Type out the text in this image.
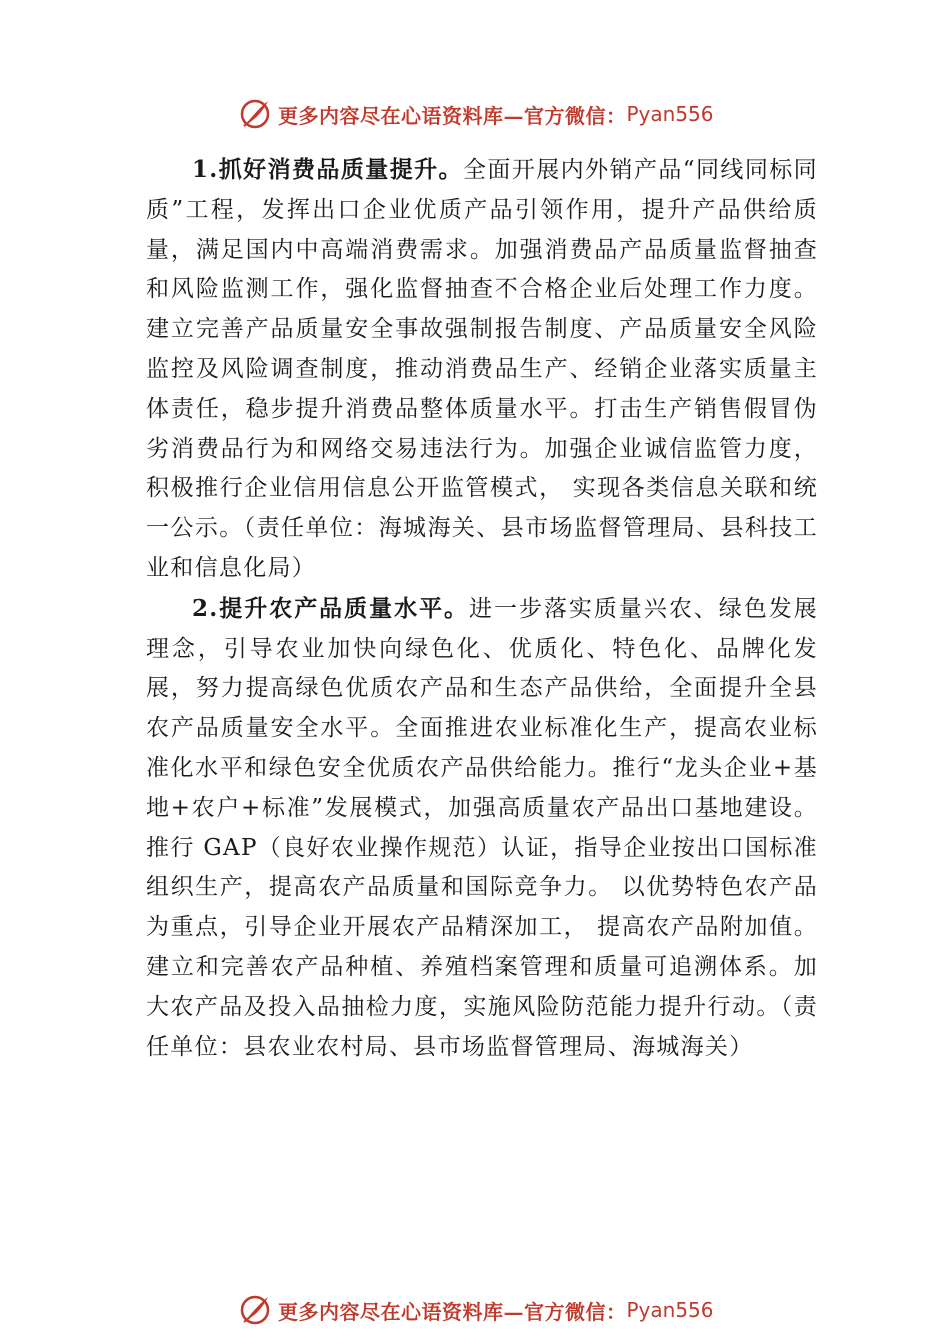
更多内容尽在心语资料库—官方微信： Pyan556

1.抓好消费品质量提升。全面开展内外销产品“同线同标同质”工程，发挥出口企业优质产品引领作用，提升产品供给质量，满足国内中高端消费需求。加强消费品产品质量监督抽查和风险监测工作，强化监督抽查不合格企业后处理工作力度。建立完善产品质量安全事故强制报告制度、产品质量安全风险监控及风险调查制度，推动消费品生产、经销企业落实质量主体责任，稳步提升消费品整体质量水平。打击生产销售假冒伪劣消费品行为和网络交易违法行为。加强企业诚信监管力度，积极推行企业信用信息公开监管模式， 实现各类信息关联和统一公示。（责任单位：海城海关、县市场监督管理局、县科技工业和信息化局）

2.提升农产品质量水平。进一步落实质量兴农、绿色发展理念，引导农业加快向绿色化、优质化、特色化、品牌化发展，努力提高绿色优质农产品和生态产品供给，全面提升全县农产品质量安全水平。全面推进农业标准化生产，提高农业标准化水平和绿色安全优质农产品供给能力。推行“龙头企业+基地+农户+标准”发展模式，加强高质量农产品出口基地建设。推行 GAP（良好农业操作规范）认证，指导企业按出口国标准组织生产，提高农产品质量和国际竞争力。 以优势特色农产品为重点，引导企业开展农产品精深加工， 提高农产品附加值。建立和完善农产品种植、养殖档案管理和质量可追溯体系。加大农产品及投入品抽检力度，实施风险防范能力提升行动。（责任单位：县农业农村局、县市场监督管理局、海城海关）

更多内容尽在心语资料库—官方微信： Pyan556
